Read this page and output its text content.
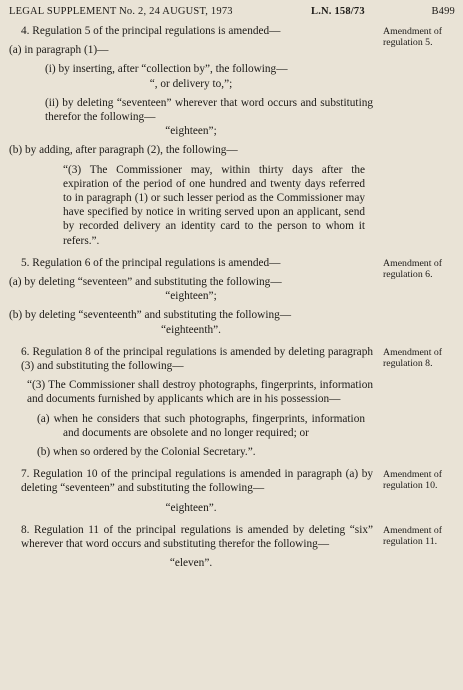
LEGAL SUPPLEMENT No. 2, 24 AUGUST, 1973	L.N. 158/73	B499

4. Regulation 5 of the principal regulations is amended—

(a) in paragraph (1)—

(i) by inserting, after “collection by”, the following—

“, or delivery to,”;

(ii) by deleting “seventeen” wherever that word occurs and substituting therefor the following—

“eighteen”;

(b) by adding, after paragraph (2), the following—

“(3) The Commissioner may, within thirty days after the expiration of the period of one hundred and twenty days referred to in paragraph (1) or such lesser period as the Commissioner may have specified by notice in writing served upon an applicant, send by recorded delivery an identity card to the person to whom it refers.”.

Amendment of regulation 5.

5. Regulation 6 of the principal regulations is amended—

(a) by deleting “seventeen” and substituting the following—

“eighteen”;

(b) by deleting “seventeenth” and substituting the following—

“eighteenth”.

Amendment of regulation 6.

6. Regulation 8 of the principal regulations is amended by deleting paragraph (3) and substituting the following—

“(3) The Commissioner shall destroy photographs, fingerprints, information and documents furnished by applicants which are in his possession—

(a) when he considers that such photographs, fingerprints, information and documents are obsolete and no longer required; or

(b) when so ordered by the Colonial Secretary.”.

Amendment of regulation 8.

7. Regulation 10 of the principal regulations is amended in paragraph (a) by deleting “seventeen” and substituting the following—

“eighteen”.

Amendment of regulation 10.

8. Regulation 11 of the principal regulations is amended by deleting “six” wherever that word occurs and substituting therefor the following—

“eleven”.

Amendment of regulation 11.
